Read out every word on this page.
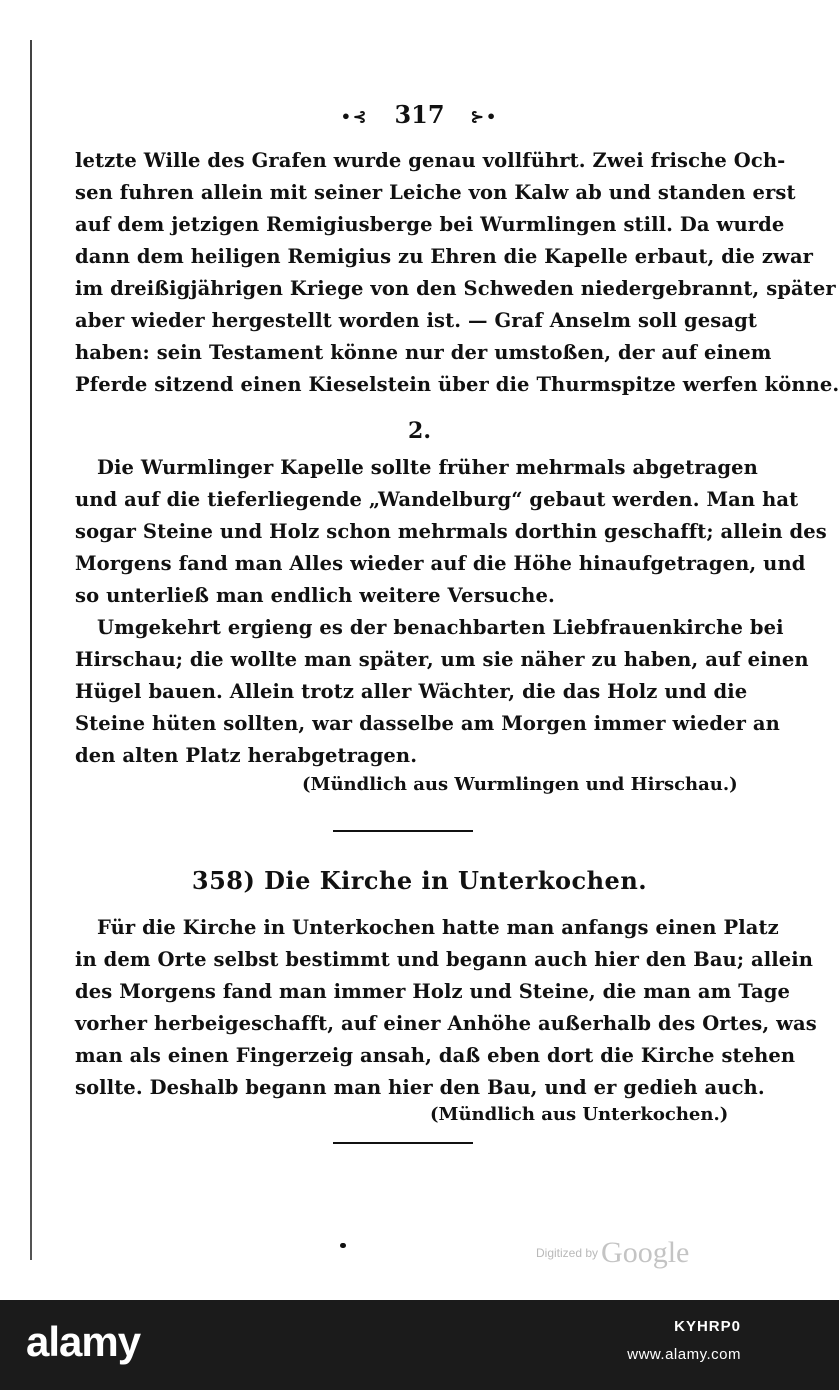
•⊰ 317 ⊱•
letzte Wille des Grafen wurde genau vollführt. Zwei frische Och-
sen fuhren allein mit seiner Leiche von Kalw ab und standen erst
auf dem jetzigen Remigiusberge bei Wurmlingen still. Da wurde
dann dem heiligen Remigius zu Ehren die Kapelle erbaut, die zwar
im dreißigjährigen Kriege von den Schweden niedergebrannt, später
aber wieder hergestellt worden ist. — Graf Anselm soll gesagt
haben: sein Testament könne nur der umstoßen, der auf einem
Pferde sitzend einen Kieselstein über die Thurmspitze werfen könne.
2.
Die Wurmlinger Kapelle sollte früher mehrmals abgetragen
und auf die tieferliegende „Wandelburg“ gebaut werden. Man hat
sogar Steine und Holz schon mehrmals dorthin geschafft; allein des
Morgens fand man Alles wieder auf die Höhe hinaufgetragen, und
so unterließ man endlich weitere Versuche.
Umgekehrt ergieng es der benachbarten Liebfrauenkirche bei
Hirschau; die wollte man später, um sie näher zu haben, auf einen
Hügel bauen. Allein trotz aller Wächter, die das Holz und die
Steine hüten sollten, war dasselbe am Morgen immer wieder an
den alten Platz herabgetragen.
(Mündlich aus Wurmlingen und Hirschau.)
358) Die Kirche in Unterkochen.
Für die Kirche in Unterkochen hatte man anfangs einen Platz
in dem Orte selbst bestimmt und begann auch hier den Bau; allein
des Morgens fand man immer Holz und Steine, die man am Tage
vorher herbeigeschafft, auf einer Anhöhe außerhalb des Ortes, was
man als einen Fingerzeig ansah, daß eben dort die Kirche stehen
sollte. Deshalb begann man hier den Bau, und er gedieh auch.
(Mündlich aus Unterkochen.)
Digitized by Google
alamy	KYHRP0
www.alamy.com
